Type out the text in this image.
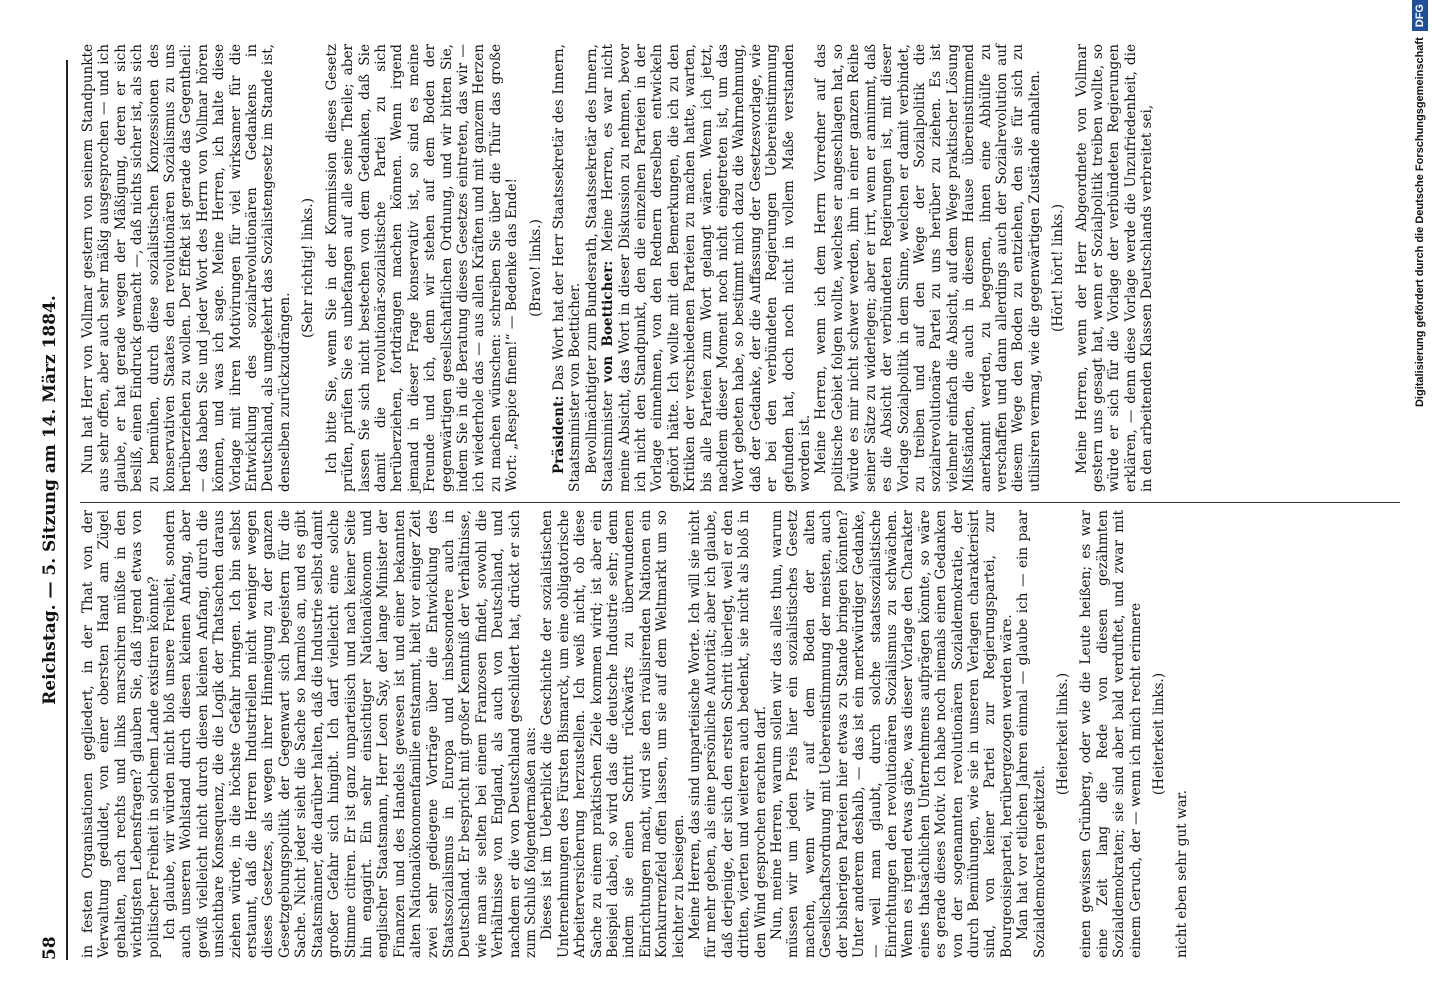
58
Reichstag. — 5. Sitzung am 14. März 1884.

in festen Organisationen gegliedert, in der That von der Verwaltung geduldet, von einer obersten Hand am Zügel gehalten, nach rechts und links marschiren müßte in den wichtigsten Lebensfragen? glauben Sie, daß irgend etwas von politischer Freiheit in solchem Lande existiren könnte? Ich glaube, wir würden nicht bloß unsere Freiheit, sondern auch unseren Wohlstand durch diesen kleinen Anfang, aber gewiß vielleicht nicht durch diesen kleinen Anfang, durch die unsichtbare Konsequenz, die die Logik der Thatsachen daraus ziehen würde, in die höchste Gefahr bringen. Ich bin selbst erstaunt, daß die Herren Industriellen nicht weniger wegen dieses Gesetzes, als wegen ihrer Hinneigung zu der ganzen Gesetzgebungspolitik der Gegenwart sich begeistern für die Sache. Nicht jeder sieht die Sache so harmlos an, und es gibt Staatsmänner, die darüber halten, daß die Industrie selbst damit großer Gefahr sich hingibt. Ich darf vielleicht eine solche Stimme citiren. Er ist ganz unparteiisch und nach keiner Seite hin engagirt. Ein sehr einsichtiger Nationalökonom und englischer Staatsmann, Herr Leon Say, der lange Minister der Finanzen und des Handels gewesen ist und einer bekannten alten Nationalökonomenfamilie entstammt, hielt vor einiger Zeit zwei sehr gediegene Vorträge über die Entwicklung des Staatssozialismus in Europa und insbesondere auch in Deutschland. Er bespricht mit großer Kenntniß der Verhältnisse, wie man sie selten bei einem Franzosen findet, sowohl die Verhältnisse von England, als auch von Deutschland, und nachdem er die von Deutschland geschildert hat, drückt er sich zum Schluß folgendermaßen aus: Dieses ist im Ueberblick die Geschichte der sozialistischen Unternehmungen des Fürsten Bismarck, um eine obligatorische Arbeiterversicherung herzustellen. Ich weiß nicht, ob diese Sache zu einem praktischen Ziele kommen wird; ist aber ein Beispiel dabei, so wird das die deutsche Industrie sehr; denn indem sie einen Schritt rückwärts zu überwundenen Einrichtungen macht, wird sie den rivalisirenden Nationen ein Konkurrenzfeld offen lassen, um sie auf dem Weltmarkt um so leichter zu besiegen. Meine Herren, das sind unparteiische Worte. Ich will sie nicht für mehr geben, als eine persönliche Autorität; aber ich glaube, daß derjenige, der sich den ersten Schritt überlegt, weil er den dritten, vierten und weiteren auch bedenkt, sie nicht als bloß in den Wind gesprochen erachten darf. Nun, meine Herren, warum sollen wir das alles thun, warum müssen wir um jeden Preis hier ein sozialistisches Gesetz machen, wenn wir auf dem Boden der alten Gesellschaftsordnung mit Uebereinstimmung der meisten, auch der bisherigen Parteien hier etwas zu Stande bringen könnten? Unter anderem deshalb, — das ist ein merkwürdiger Gedanke, — weil man glaubt, durch solche staatssozialistische Einrichtungen den revolutionären Sozialismus zu schwächen. Wenn es irgend etwas gäbe, was dieser Vorlage den Charakter eines thatsächlichen Unternehmens aufprägen könnte, so wäre es gerade dieses Motiv. Ich habe noch niemals einen Gedanken von der sogenannten revolutionären Sozialdemokratie, der durch Bemühungen, wie sie in unseren Verlagen charakterisirt sind, von keiner Partei zur Regierungspartei, zur Bourgeoisiepartei, herübergezogen werden wäre. Man hat vor etlichen Jahren einmal — glaube ich — ein paar Sozialdemokraten gekitzelt.

(Heiterkeit links.) einen gewissen Grünberg, oder wie die Leute heißen; es war eine Zeit lang die Rede von diesen gezähmten Sozialdemokraten; sie sind aber bald verduftet, und zwar mit einem Geruch, der — wenn ich mich recht erinnere (Heiterkeit links.)

nicht eben sehr gut war.

Nun hat Herr von Vollmar gestern von seinem Standpunkte aus sehr offen, aber auch sehr mäßig ausgesprochen — und ich glaube, er hat gerade wegen der Mäßigung, deren er sich besliß, einen Eindruck gemacht —, daß nichts sicher ist, als sich zu bemühen, durch diese sozialistischen Konzessionen des konservativen Staates den revolutionären Sozialismus zu uns herüberziehen zu wollen. Der Effekt ist gerade das Gegentheil: — das haben Sie und jeder Wort des Herrn von Vollmar hören können, und was ich sage. Meine Herren, ich halte diese Vorlage mit ihren Motivirungen für viel wirksamer für die Entwicklung des sozialrevolutionären Gedankens in Deutschland, als umgekehrt das Sozialistengesetz im Stande ist, denselben zurückzudrängen.

(Sehr richtig! links.) Ich bitte Sie, wenn Sie in der Kommission dieses Gesetz prüfen, prüfen Sie es unbefangen auf alle seine Theile; aber lassen Sie sich nicht bestechen von dem Gedanken, daß Sie damit die revolutionär-sozialistische Partei zu sich herüberziehen, fortdrängen machen können. Wenn irgend jemand in dieser Frage konservativ ist, so sind es meine Freunde und ich, denn wir stehen auf dem Boden der gegenwärtigen gesellschaftlichen Ordnung, und wir bitten Sie, indem Sie in die Beratung dieses Gesetzes eintreten, das wir — ich wiederhole das — aus allen Kräften und mit ganzem Herzen zu machen wünschen: schreiben Sie über die Thür das große Wort: „Respice finem!“ — Bedenke das Ende! (Bravo! links.)

Präsident: Das Wort hat der Herr Staatssekretär des Innern, Staatsminister von Boetticher. Bevollmächtigter zum Bundesrath, Staatssekretär des Innern, Staatsminister von Boetticher: Meine Herren, es war nicht meine Absicht, das Wort in dieser Diskussion zu nehmen, bevor ich nicht den Standpunkt, den die einzelnen Parteien in der Vorlage einnehmen, von den Rednern derselben entwickeln gehört hätte. Ich wollte mit den Bemerkungen, die ich zu den Kritiken der verschiedenen Parteien zu machen hatte, warten, bis alle Parteien zum Wort gelangt wären. Wenn ich jetzt, nachdem dieser Moment noch nicht eingetreten ist, um das Wort gebeten habe, so bestimmt mich dazu die Wahrnehmung, daß der Gedanke, der die Auffassung der Gesetzesvorlage, wie er bei den verbündeten Regierungen Uebereinstimmung gefunden hat, doch noch nicht in vollem Maße verstanden worden ist. Meine Herren, wenn ich dem Herrn Vorredner auf das politische Gebiet folgen wollte, welches er angeschlagen hat, so würde es mir nicht schwer werden, ihm in einer ganzen Reihe seiner Sätze zu widerlegen; aber er irrt, wenn er annimmt, daß es die Absicht der verbündeten Regierungen ist, mit dieser Vorlage Sozialpolitik in dem Sinne, welchen er damit verbindet, zu treiben und auf den Wege der Sozialpolitik die sozialrevolutionäre Partei zu uns herüber zu ziehen. Es ist vielmehr einfach die Absicht, auf dem Wege praktischer Lösung Mißständen, die auch in diesem Hause übereinstimmend anerkannt werden, zu begegnen, ihnen eine Abhülfe zu verschaffen und dann allerdings auch der Sozialrevolution auf diesem Wege den Boden zu entziehen, den sie für sich zu utilisiren vermag, wie die gegenwärtigen Zustände anhalten. (Hört! hört! links.) Meine Herren, wenn der Herr Abgeordnete von Vollmar gestern uns gesagt hat, wenn er Sozialpolitik treiben wollte, so würde er sich für die Vorlage der verbündeten Regierungen erklären, — denn diese Vorlage werde die Unzufriedenheit, die in den arbeitenden Klassen Deutschlands verbreitet sei,	Digitalisierung gefördert durch die Deutsche ForschungsgemeinschaftDFG
